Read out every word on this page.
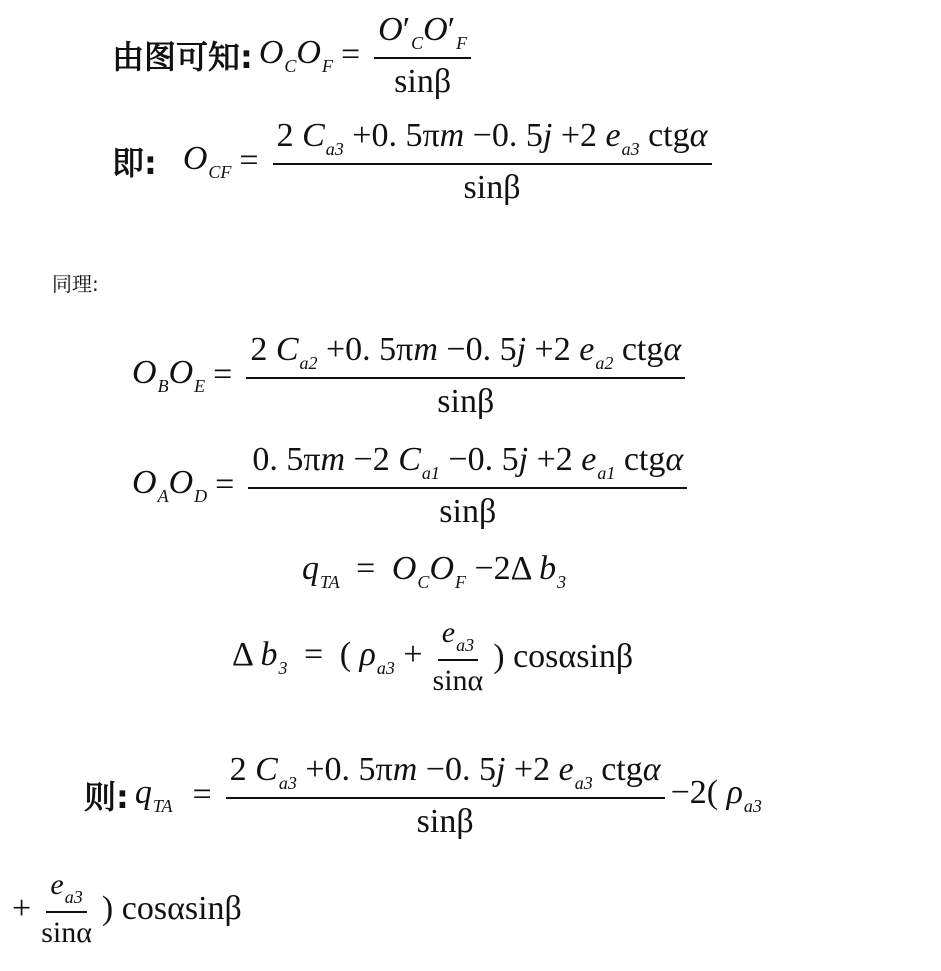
由图可知: $O_CO_F = \frac{O'_CO'_F}{\sin\beta}$
即: $O_{CF} = \frac{2 C_{a3} +0. 5\pi m -0. 5j +2 e_{a3} ctg\alpha}{\sin\beta}$
同理:
$O_BO_E = \frac{2 C_{a2} +0. 5\pi m -0. 5j +2 e_{a2} ctg\alpha}{\sin\beta}$
$O_AO_D = \frac{0. 5\pi m -2 C_{a1} -0. 5j +2 e_{a1} ctg\alpha}{\sin\beta}$
$q_{TA} = O_CO_F -2\Delta$ $b_3$
Δ $b_3$ = ( $\rho_{a3} + \frac{e_{a3}}{\sin\alpha}$ ) cosαsinβ
则: $q_{TA} = \frac{2 C_{a3} +0. 5\pi m -0. 5j +2 e_{a3} ctg\alpha}{\sin\beta} -2$( $\rho_{a3}$
+ $\frac{e_{a3}}{\sin\alpha}$ ) cosαsinβ
